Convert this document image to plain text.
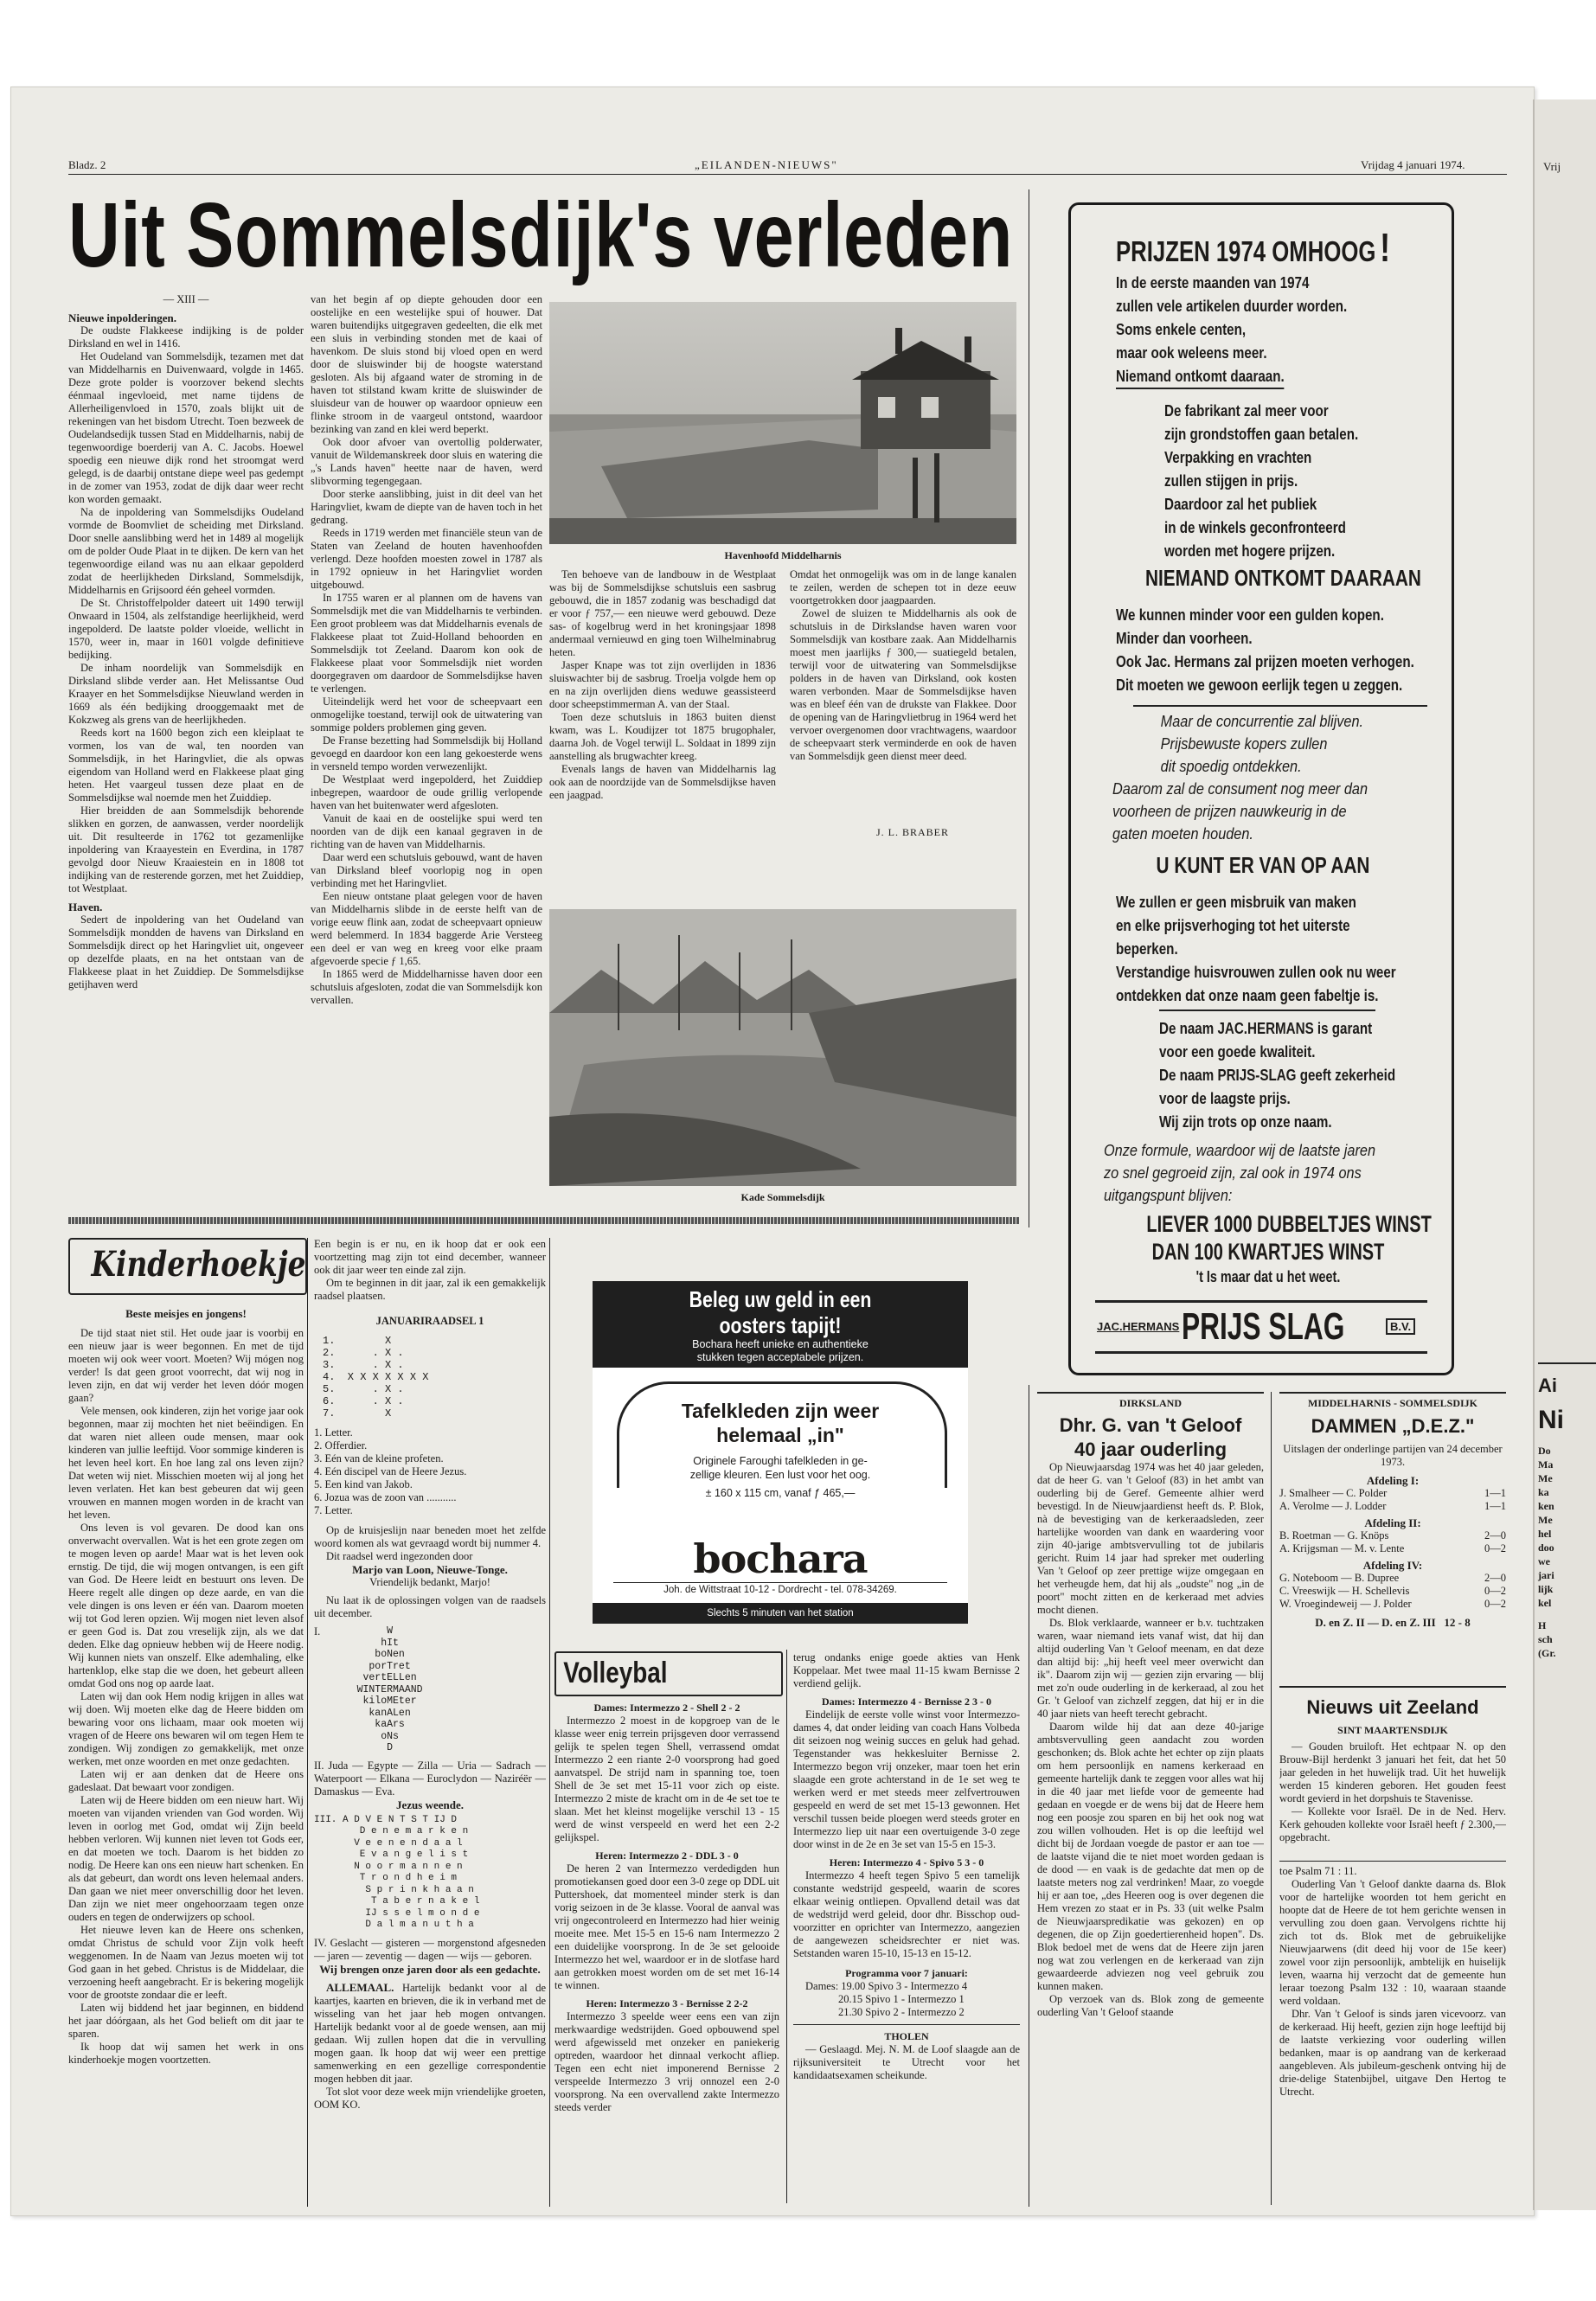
Bladz. 2	„EILANDEN-NIEUWS"	Vrijdag 4 januari 1974.
Uit Sommelsdijk's verleden
— XIII —
Nieuwe inpolderingen.

De oudste Flakkeese indijking is de polder Dirksland en wel in 1416.

Het Oudeland van Sommelsdijk, tezamen met dat van Middelharnis en Duivenwaard, volgde in 1465. Deze grote polder is voorzover bekend slechts éénmaal ingevloeid, met name tijdens de Allerheiligenvloed in 1570, zoals blijkt uit de rekeningen van het bisdom Utrecht. Toen bezweek de Oudelandsedijk tussen Stad en Middelharnis, nabij de tegenwoordige boerderij van A. C. Jacobs. Hoewel spoedig een nieuwe dijk rond het stroomgat werd gelegd, is de daarbij ontstane diepe weel pas gedempt in de zomer van 1953, zodat de dijk daar weer recht kon worden gemaakt.

Na de inpoldering van Sommelsdijks Oudeland vormde de Boomvliet de scheiding met Dirksland. Door snelle aanslibbing werd het in 1489 al mogelijk om de polder Oude Plaat in te dijken. De kern van het tegenwoordige eiland was nu aan elkaar gepolderd zodat de heerlijkheden Dirksland, Sommelsdijk, Middelharnis en Grijsoord één geheel vormden.

De St. Christoffelpolder dateert uit 1490 terwijl Onwaard in 1504, als zelfstandige heerlijkheid, werd ingepolderd. De laatste polder vloeide, wellicht in 1570, weer in, maar in 1601 volgde definitieve bedijking.

De inham noordelijk van Sommelsdijk en Dirksland slibde verder aan. Het Melissantse Oud Kraayer en het Sommelsdijkse Nieuwland werden in 1669 als één bedijking drooggemaakt met de Kokzweg als grens van de heerlijkheden.

Reeds kort na 1600 begon zich een kleiplaat te vormen, los van de wal, ten noorden van Sommelsdijk, in het Haringvliet, die als opwas eigendom van Holland werd en Flakkeese plaat ging heten. Het vaargeul tussen deze plaat en de Sommelsdijkse wal noemde men het Zuiddiep.

Hier breidden de aan Sommelsdijk behorende slikken en gorzen, de aanwassen, verder noordelijk uit. Dit resulteerde in 1762 tot gezamenlijke inpoldering van Kraayestein en Everdina, in 1787 gevolgd door Nieuw Kraaiestein en in 1808 tot indijking van de resterende gorzen, met het Zuiddiep, tot Westplaat.

Haven.

Sedert de inpoldering van het Oudeland van Sommelsdijk mondden de havens van Dirksland en Sommelsdijk direct op het Haringvliet uit, ongeveer op dezelfde plaats, en na het ontstaan van de Flakkeese plaat in het Zuiddiep. De Sommelsdijkse getijhaven werd

van het begin af op diepte gehouden door een oostelijke en een westelijke spui of houwer. Dat waren buitendijks uitgegraven gedeelten, die elk met een sluis in verbinding stonden met de kaai of havenkom. De sluis stond bij vloed open en werd door de sluiswinder bij de hoogste waterstand gesloten. Als bij afgaand water de stroming in de haven tot stilstand kwam kritte de sluiswinder de sluisdeur van de houwer op waardoor opnieuw een flinke stroom in de vaargeul ontstond, waardoor bezinking van zand en klei werd beperkt.

Ook door afvoer van overtollig polderwater, vanuit de Wildemanskreek door sluis en watering die „'s Lands haven" heette naar de haven, werd slibvorming tegengegaan.

Door sterke aanslibbing, juist in dit deel van het Haringvliet, kwam de diepte van de haven toch in het gedrang.

Reeds in 1719 werden met financiële steun van de Staten van Zeeland de houten havenhoofden verlengd. Deze hoofden moesten zowel in 1787 als in 1792 opnieuw in het Haringvliet worden uitgebouwd.

In 1755 waren er al plannen om de havens van Sommelsdijk met die van Middelharnis te verbinden. Een groot probleem was dat Middelharnis evenals de Flakkeese plaat tot Zuid-Holland behoorden en Sommelsdijk tot Zeeland. Daarom kon ook de Flakkeese plaat voor Sommelsdijk niet worden doorgegraven om daardoor de Sommelsdijkse haven te verlengen.

Uiteindelijk werd het voor de scheepvaart een onmogelijke toestand, terwijl ook de uitwatering van sommige polders problemen ging geven.

De Franse bezetting had Sommelsdijk bij Holland gevoegd en daardoor kon een lang gekoesterde wens in versneld tempo worden verwezenlijkt.

De Westplaat werd ingepolderd, het Zuiddiep inbegrepen, waardoor de oude grillig verlopende haven van het buitenwater werd afgesloten.

Vanuit de kaai en de oostelijke spui werd ten noorden van de dijk een kanaal gegraven in de richting van de haven van Middelharnis.

Daar werd een schutsluis gebouwd, want de haven van Dirksland bleef voorlopig nog in open verbinding met het Haringvliet.

Een nieuw ontstane plaat gelegen voor de haven van Middelharnis slibde in de eerste helft van de vorige eeuw flink aan, zodat de scheepvaart opnieuw werd belemmerd. In 1834 baggerde Arie Versteeg een deel er van weg en kreeg voor elke praam afgevoerde specie ƒ 1,65.

In 1865 werd de Middelharnisse haven door een schutsluis afgesloten, zodat die van Sommelsdijk kon vervallen.

Havenhoofd Middelharnis

Ten behoeve van de landbouw in de Westplaat was bij de Sommelsdijkse schutsluis een sasbrug gebouwd, die in 1857 zodanig was beschadigd dat er voor ƒ 757,— een nieuwe werd gebouwd. Deze sas- of kogelbrug werd in het kroningsjaar 1898 andermaal vernieuwd en ging toen Wilhelminabrug heten.

Jasper Knape was tot zijn overlijden in 1836 sluiswachter bij de sasbrug. Troelja volgde hem op en na zijn overlijden diens weduwe geassisteerd door scheepstimmerman A. van der Staal.

Toen deze schutsluis in 1863 buiten dienst kwam, was L. Koudijzer tot 1875 brugophaler, daarna Joh. de Vogel terwijl L. Soldaat in 1899 zijn aanstelling als brugwachter kreeg.

Evenals langs de haven van Middelharnis lag ook aan de noordzijde van de Sommelsdijkse haven een jaagpad.

Omdat het onmogelijk was om in de lange kanalen te zeilen, werden de schepen tot in deze eeuw voortgetrokken door jaagpaarden.

Zowel de sluizen te Middelharnis als ook de schutsluis in de Dirkslandse haven waren voor Sommelsdijk van kostbare zaak. Aan Middelharnis moest men jaarlijks ƒ 300,— suatiegeld betalen, terwijl voor de uitwatering van Sommelsdijkse polders in de haven van Dirksland, ook kosten waren verbonden. Maar de Sommelsdijkse haven was en bleef één van de drukste van Flakkee. Door de opening van de Haringvlietbrug in 1964 werd het vervoer overgenomen door vrachtwagens, waardoor de scheepvaart sterk verminderde en ook de haven van Sommelsdijk geen dienst meer deed.

J. L. BRABER
Kade Sommelsdijk
PRIJZEN 1974 OMHOOG !
In de eerste maanden van 1974
zullen vele artikelen duurder worden.
Soms enkele centen,
maar ook weleens meer.
Niemand ontkomt daaraan.
De fabrikant zal meer voor
zijn grondstoffen gaan betalen.
Verpakking en vrachten
zullen stijgen in prijs.
Daardoor zal het publiek
in de winkels geconfronteerd
worden met hogere prijzen.
NIEMAND ONTKOMT DAARAAN
We kunnen minder voor een gulden kopen.
Minder dan voorheen.
Ook Jac. Hermans zal prijzen moeten verhogen.
Dit moeten we gewoon eerlijk tegen u zeggen.
Maar de concurrentie zal blijven.
Prijsbewuste kopers zullen
dit spoedig ontdekken.
Daarom zal de consument nog meer dan
voorheen de prijzen nauwkeurig in de
gaten moeten houden.
U KUNT ER VAN OP AAN
We zullen er geen misbruik van maken
en elke prijsverhoging tot het uiterste
beperken.
Verstandige huisvrouwen zullen ook nu weer
ontdekken dat onze naam geen fabeltje is.
De naam JAC.HERMANS is garant
voor een goede kwaliteit.
De naam PRIJS-SLAG geeft zekerheid
voor de laagste prijs.
Wij zijn trots op onze naam.
Onze formule, waardoor wij de laatste jaren
zo snel gegroeid zijn, zal ook in 1974 ons
uitgangspunt blijven:
LIEVER 1000 DUBBELTJES WINST
DAN 100 KWARTJES WINST
't Is maar dat u het weet.
JAC.HERMANS PRIJS SLAG	B.V.
Kinderhoekje
Beste meisjes en jongens!

De tijd staat niet stil. Het oude jaar is voorbij en een nieuw jaar is weer begonnen. En met de tijd moeten wij ook weer voort. Moeten? Wij mógen nog verder! Is dat geen groot voorrecht, dat wij nog in leven zijn, en dat wij verder het leven dóór mogen gaan?

Vele mensen, ook kinderen, zijn het vorige jaar ook begonnen, maar zij mochten het niet beëindigen. En dat waren niet alleen oude mensen, maar ook kinderen van jullie leeftijd. Voor sommige kinderen is het leven heel kort. En hoe lang zal ons leven zijn? Dat weten wij niet. Misschien moeten wij al jong het leven verlaten. Het kan best gebeuren dat wij geen vrouwen en mannen mogen worden in de kracht van het leven.

Ons leven is vol gevaren. De dood kan ons onverwacht overvallen. Wat is het een grote zegen om te mogen leven op aarde! Maar wat is het leven ook ernstig. De tijd, die wij mogen ontvangen, is een gift van God. De Heere leidt en bestuurt ons leven. De Heere regelt alle dingen op deze aarde, en van die vele dingen is ons leven er één van. Daarom moeten wij tot God leren opzien. Wij mogen niet leven alsof er geen God is. Dat zou vreselijk zijn, als we dat deden. Elke dag opnieuw hebben wij de Heere nodig. Wij kunnen niets van onszelf. Elke ademhaling, elke hartenklop, elke stap die we doen, het gebeurt alleen omdat God ons nog op aarde laat.

Laten wij dan ook Hem nodig krijgen in alles wat wij doen. Wij moeten elke dag de Heere bidden om bewaring voor ons lichaam, maar ook moeten wij vragen of de Heere ons bewaren wil om tegen Hem te zondigen. Wij zondigen zo gemakkelijk, met onze werken, met onze woorden en met onze gedachten.

Laten wij er aan denken dat de Heere ons gadeslaat. Dat bewaart voor zondigen.

Laten wij de Heere bidden om een nieuw hart. Wij moeten van vijanden vrienden van God worden. Wij leven in oorlog met God, omdat wij Zijn beeld hebben verloren. Wij kunnen niet leven tot Gods eer, en dat moeten we toch. Daarom is het bidden zo nodig. De Heere kan ons een nieuw hart schenken. En als dat gebeurt, dan wordt ons leven helemaal anders. Dan gaan we niet meer onverschillig door het leven. Dan zijn we niet meer ongehoorzaam tegen onze ouders en tegen de onderwijzers op school.

Het nieuwe leven kan de Heere ons schenken, omdat Christus de schuld voor Zijn volk heeft weggenomen. In de Naam van Jezus moeten wij tot God gaan in het gebed. Christus is de Middelaar, die verzoening heeft aangebracht. Er is bekering mogelijk voor de grootste zondaar die er leeft.

Laten wij biddend het jaar beginnen, en biddend het jaar dóórgaan, als het God belieft om dit jaar te sparen.

Ik hoop dat wij samen het werk in ons kinderhoekje mogen voortzetten.

Een begin is er nu, en ik hoop dat er ook een voortzetting mag zijn tot eind december, wanneer ook dit jaar weer ten einde zal zijn.

Om te beginnen in dit jaar, zal ik een gemakkelijk raadsel plaatsen.

JANUARIRAADSEL 1
1.        X
2.      . X .
3.      . X .
4.  X X X X X X X
5.      . X .
6.      . X .
7.        X
1. Letter.
2. Offerdier.
3. Eén van de kleine profeten.
4. Eén discipel van de Heere Jezus.
5. Een kind van Jakob.
6. Jozua was de zoon van ...........
7. Letter.

Op de kruisjeslijn naar beneden moet het zelfde woord komen als wat gevraagd wordt bij nummer 4.

Dit raadsel werd ingezonden door

Marjo van Loon, Nieuwe-Tonge.
Vriendelijk bedankt, Marjo!

Nu laat ik de oplossingen volgen van de raadsels uit december.

I.	W
hIt
boNen
porTret
vertELLen
WINTERMAAND
kiloMEter
kanALen
kaArs
oNs
D

II. Juda — Egypte — Zilla — Uria — Sadrach — Waterpoort — Elkana — Euroclydon — Naziréër — Damaskus — Eva.

Jezus weende.
III. A D V E N T S T IJ D
D e n e m a r k e n
V e e n e n d a a l
E v a n g e l i s t
N o o r m a n n e n
T r o n d h e i m
S p r i n k h a a n
T a b e r n a k e l
IJ s s e l m o n d e
D a l m a n u t h a

IV. Geslacht — gisteren — morgenstond afgesneden — jaren — zeventig — dagen — wijs — geboren.

Wij brengen onze jaren door als een gedachte.

ALLEMAAL. Hartelijk bedankt voor al de kaartjes, kaarten en brieven, die ik in verband met de wisseling van het jaar heb mogen ontvangen. Hartelijk bedankt voor al de goede wensen, aan mij gedaan. Wij zullen hopen dat die in vervulling mogen gaan. Ik hoop dat wij weer een prettige samenwerking en een gezellige correspondentie mogen hebben dit jaar.

Tot slot voor deze week mijn vriendelijke groeten, OOM KO.

Beleg uw geld in een
oosters tapijt!
Bochara heeft unieke en authentieke
stukken tegen acceptabele prijzen.
Tafelkleden zijn weer
helemaal „in"
Originele Faroughi tafelkleden in ge-
zellige kleuren. Een lust voor het oog.
± 160 x 115 cm, vanaf ƒ 465,—
bochara
Joh. de Wittstraat 10-12 - Dordrecht - tel. 078-34269.
Slechts 5 minuten van het station
Volleybal
Dames: Intermezzo 2 - Shell 2 - 2

Intermezzo 2 moest in de kopgroep van de le klasse weer enig terrein prijsgeven door verrassend gelijk te spelen tegen Shell, verrassend omdat Intermezzo 2 een riante 2-0 voorsprong had goed aanvatspel. De strijd nam in spanning toe, toen Shell de 3e set met 15-11 voor zich op eiste. Intermezzo 2 miste de kracht om in de 4e set toe te slaan. Met het kleinst mogelijke verschil 13 - 15 werd de winst verspeeld en werd het een 2-2 gelijkspel.

Heren: Intermezzo 2 - DDL 3 - 0

De heren 2 van Intermezzo verdedigden hun promotiekansen goed door een 3-0 zege op DDL uit Puttershoek, dat momenteel minder sterk is dan vorig seizoen in de 3e klasse. Vooral de aanval was vrij ongecontroleerd en Intermezzo had hier weinig moeite mee. Met 15-5 en 15-6 nam Intermezzo 2 een duidelijke voorsprong. In de 3e set gelooide Intermezzo het wel, waardoor er in de slotfase hard aan getrokken moest worden om de set met 16-14 te winnen.

Heren: Intermezzo 3 - Bernisse 2 2-2

Intermezzo 3 speelde weer eens een van zijn merkwaardige wedstrijden. Goed opbouwend spel werd afgewisseld met onzeker en paniekerig optreden, waardoor het dinnaal verkocht afliep. Tegen een echt niet imponerend Bernisse 2 verspeelde Intermezzo 3 vrij onnozel een 2-0 voorsprong. Na een overvallend zakte Intermezzo steeds verder

terug ondanks enige goede akties van Henk Koppelaar. Met twee maal 11-15 kwam Bernisse 2 verdiend gelijk.

Dames: Intermezzo 4 - Bernisse 2 3 - 0

Eindelijk de eerste volle winst voor Intermezzo-dames 4, dat onder leiding van coach Hans Volbeda dit seizoen nog weinig succes en geluk had gehad. Tegenstander was hekkesluiter Bernisse 2. Intermezzo begon vrij onzeker, maar toen het erin slaagde een grote achterstand in de 1e set weg te werken werd er met steeds meer zelfvertrouwen gespeeld en werd de set met 15-13 gewonnen. Het verschil tussen beide ploegen werd steeds groter en Intermezzo liep uit naar een overtuigende 3-0 zege door winst in de 2e en 3e set van 15-5 en 15-3.

Heren: Intermezzo 4 - Spivo 5 3 - 0

Intermezzo 4 heeft tegen Spivo 5 een tamelijk constante wedstrijd gespeeld, waarin de scores elkaar weinig ontliepen. Opvallend detail was dat de wedstrijd werd geleid, door dhr. Bisschop oud-voorzitter en oprichter van Intermezzo, aangezien de aangewezen scheidsrechter er niet was. Setstanden waren 15-10, 15-13 en 15-12.

Programma voor 7 januari:
Dames: 19.00 Spivo 3 - Intermezzo 4
20.15 Spivo 1 - Intermezzo 1
21.30 Spivo 2 - Intermezzo 2
THOLEN

— Geslaagd. Mej. N. M. de Loof slaagde aan de rijksuniversiteit te Utrecht voor het kandidaatsexamen scheikunde.

DIRKSLAND
Dhr. G. van 't Geloof
40 jaar ouderling

Op Nieuwjaarsdag 1974 was het 40 jaar geleden, dat de heer G. van 't Geloof (83) in het ambt van ouderling bij de Geref. Gemeente alhier werd bevestigd. In de Nieuwjaardienst heeft ds. P. Blok, nà de bevestiging van de kerkeraadsleden, zeer hartelijke woorden van dank en waardering voor zijn 40-jarige ambtsvervulling tot de jubilaris gericht. Ruim 14 jaar had spreker met ouderling Van 't Geloof op zeer prettige wijze omgegaan en het verheugde hem, dat hij als „oudste" nog „in de poort" mocht zitten en de kerkeraad met advies mocht dienen.

Ds. Blok verklaarde, wanneer er b.v. tuchtzaken waren, waar niemand iets vanaf wist, dat hij dan altijd ouderling Van 't Geloof meenam, en dat deze dan altijd bij: „hij heeft veel meer overwicht dan ik". Daarom zijn wij — gezien zijn ervaring — blij met zo'n oude ouderling in de kerkeraad, al zou het Gr. 't Geloof van zichzelf zeggen, dat hij er in die 40 jaar niets van heeft terecht gebracht.

Daarom wilde hij dat aan deze 40-jarige ambtsvervulling geen aandacht zou worden geschonken; ds. Blok achte het echter op zijn plaats om hem persoonlijk en namens kerkeraad en gemeente hartelijk dank te zeggen voor alles wat hij in die 40 jaar met liefde voor de gemeente had gedaan en voegde er de wens bij dat de Heere hem nog een poosje zou sparen en bij het ook nog wat zou willen volhouden. Het is op die leeftijd wel dicht bij de Jordaan voegde de pastor er aan toe — de laatste vijand die te niet moet worden gedaan is de dood — en vaak is de gedachte dat men op de laatste meters nog zal verdrinken! Maar, zo voegde hij er aan toe, „des Heeren oog is over degenen die Hem vrezen zo staat er in Ps. 33 (uit welke Psalm de Nieuwjaarspredikatie was gekozen) en op degenen, die op Zijn goedertierenheid hopen". Ds. Blok bedoel met de wens dat de Heere zijn jaren nog wat zou verlengen en de kerkeraad van zijn gewaardeerde adviezen nog veel gebruik zou kunnen maken.

Op verzoek van ds. Blok zong de gemeente ouderling Van 't Geloof staande

MIDDELHARNIS - SOMMELSDIJK
DAMMEN „D.E.Z."
Uitslagen der onderlinge partijen van 24 december 1973.
Afdeling I:
J. Smalheer — C. Polder	1—1
A. Verolme — J. Lodder	1—1
Afdeling II:
B. Roetman — G. Knöps	2—0
A. Krijgsman — M. v. Lente	0—2
Afdeling IV:
G. Noteboom — B. Dupree	2—0
C. Vreeswijk — H. Schellevis	0—2
W. Vroegindeweij — J. Polder	0—2
D. en Z. II — D. en Z. III   12 - 8
Nieuws uit Zeeland
SINT MAARTENSDIJK

— Gouden bruiloft. Het echtpaar N. op den Brouw-Bijl herdenkt 3 januari het feit, dat het 50 jaar geleden in het huwelijk trad. Uit het huwelijk werden 15 kinderen geboren. Het gouden feest wordt gevierd in het dorpshuis te Stavenisse.

— Kollekte voor Israël. De in de Ned. Herv. Kerk gehouden kollekte voor Israël heeft ƒ 2.300,— opgebracht.

toe Psalm 71 : 11.

Ouderling Van 't Geloof dankte daarna ds. Blok voor de hartelijke woorden tot hem gericht en hoopte dat de Heere de tot hem gerichte wensen in vervulling zou doen gaan. Vervolgens richtte hij zich tot ds. Blok met de gebruikelijke Nieuwjaarwens (dit deed hij voor de 15e keer) zowel voor zijn persoonlijk, ambtelijk en huiselijk leven, waarna hij verzocht dat de gemeente hun leraar toezong Psalm 132 : 10, waaraan staande werd voldaan.

Dhr. Van 't Geloof is sinds jaren vicevoorz. van de kerkeraad. Hij heeft, gezien zijn hoge leeftijd bij de laatste verkiezing voor ouderling willen bedanken, maar is op aandrang van de kerkeraad aangebleven. Als jubileum-geschenk ontving hij de drie-delige Statenbijbel, uitgave Den Hertog te Utrecht.

Vrij
Ai
Ni
Do
Ma
Me
ka
ken
Me
hel
doo
we
jari
lijk
kel
H
sch
(Gr.
